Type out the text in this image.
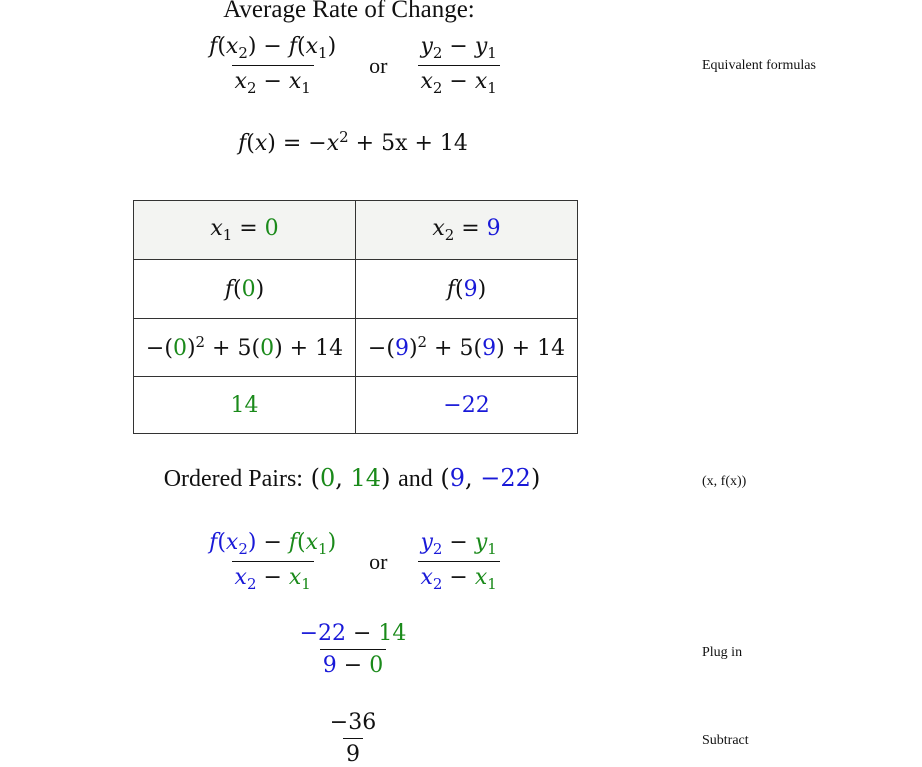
Average Rate of Change:
$\frac{f(x_2) - f(x_1)}{x_2 - x_1}$ or $\frac{y_2 - y_1}{x_2 - x_1}$	Equivalent formulas
$f(x) = -x^2 + 5x + 14$
$x_1 = 0$	$x_2 = 9$
f(0)	f(9)
$-(0)^2 + 5(0) + 14$	$-(9)^2 + 5(9) + 14$
14	−22
Ordered Pairs: (0, 14) and (9, −22)	(x, f(x))
$\frac{f(x_2) - f(x_1)}{x_2 - x_1}$ or $\frac{y_2 - y_1}{x_2 - x_1}$
$\frac{-22 - 14}{9 - 0}$	Plug in
$\frac{-36}{9}$	Subtract
